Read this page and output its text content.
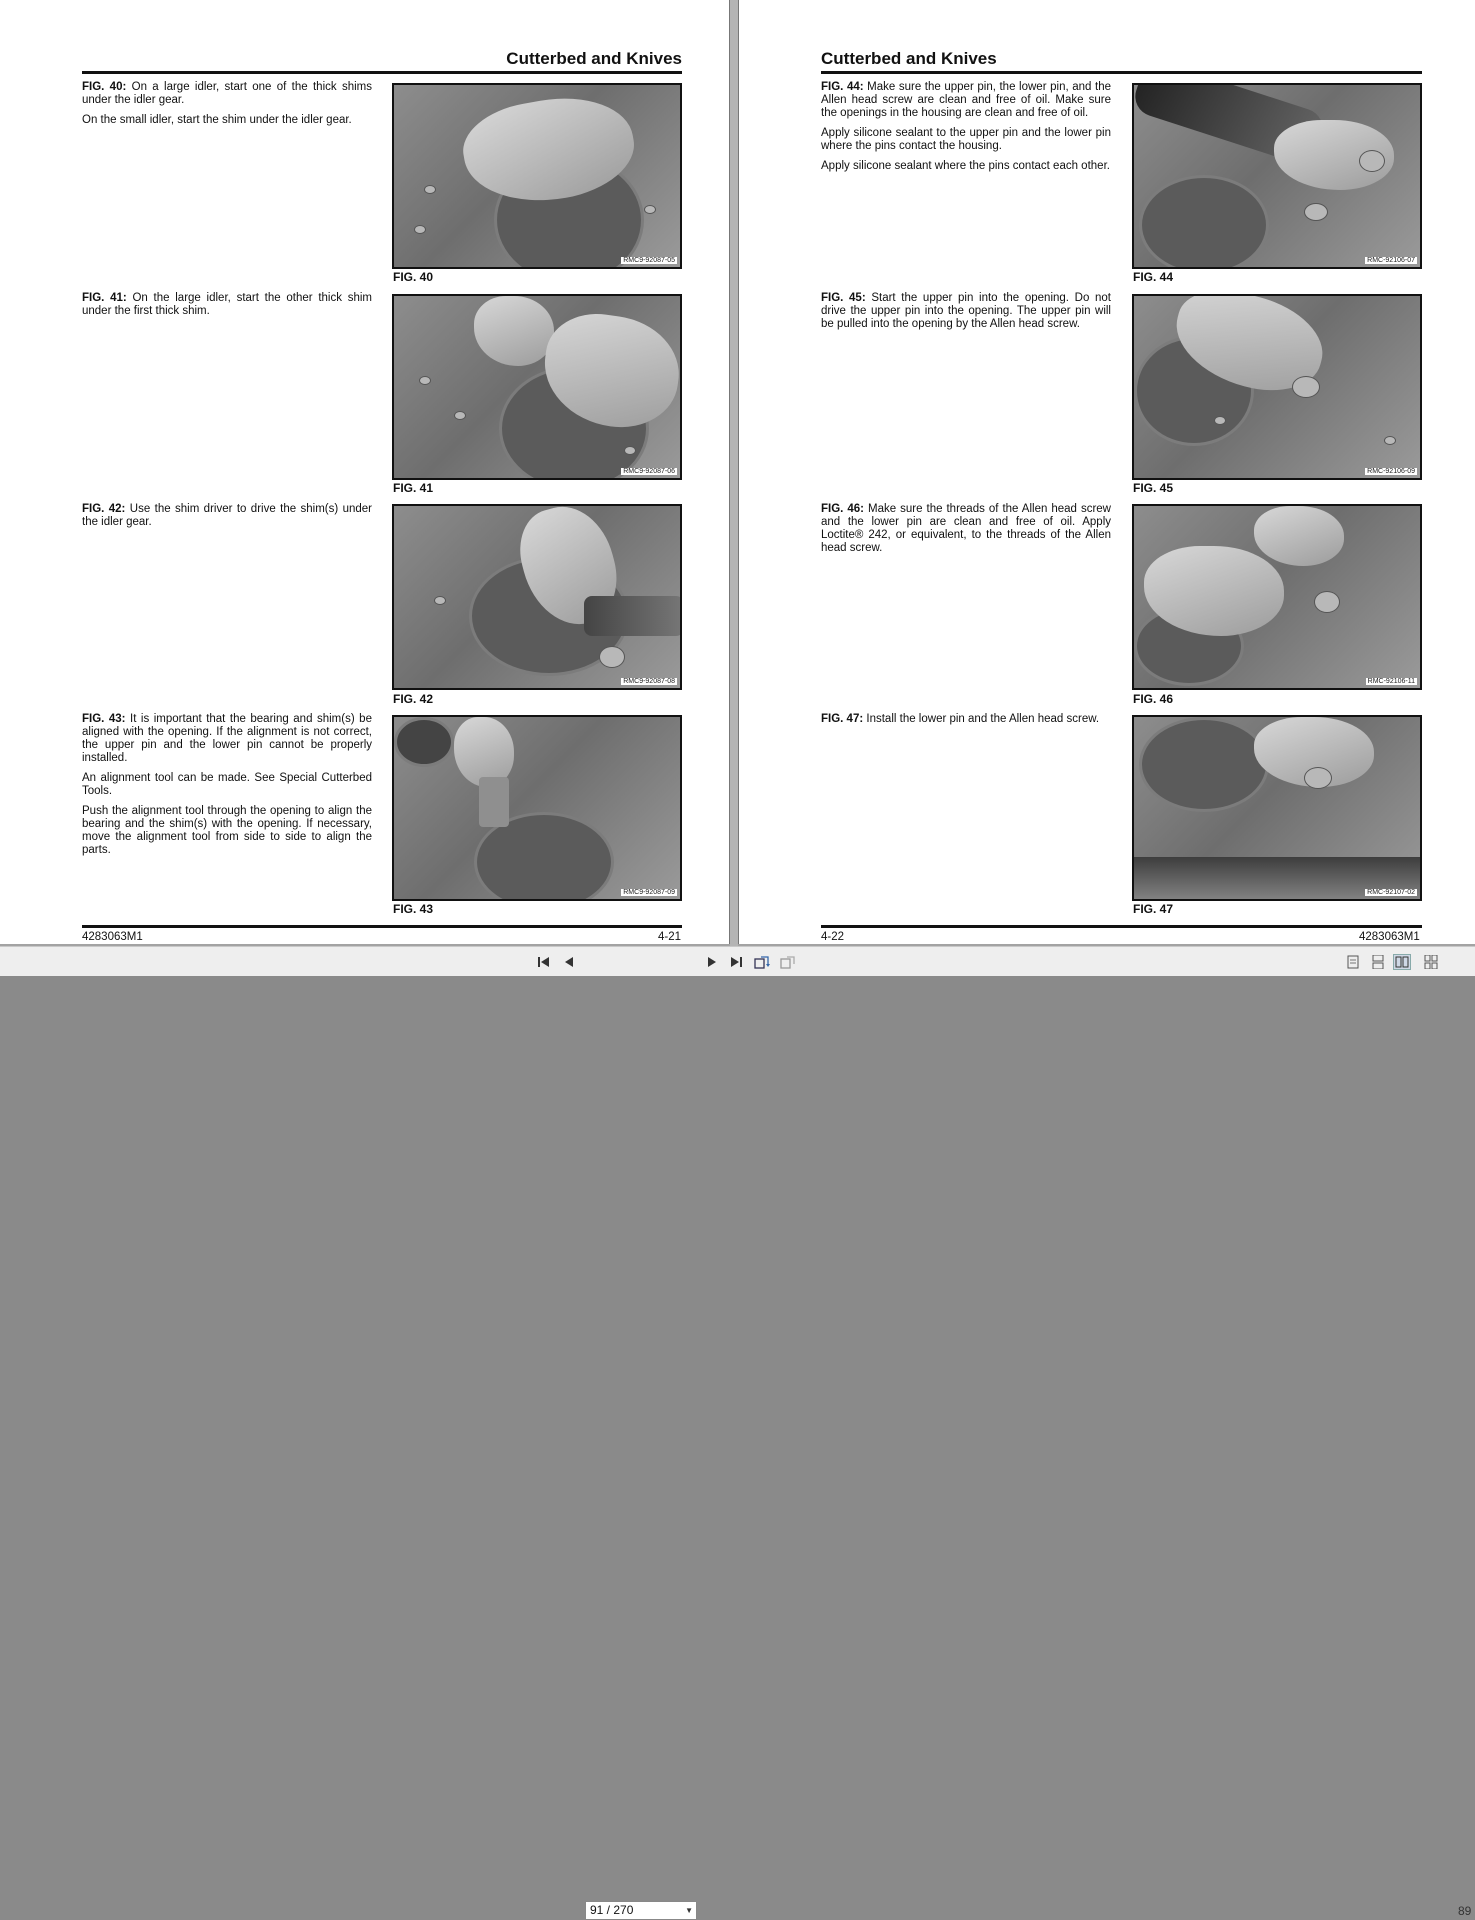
Cutterbed and Knives

FIG. 40: On a large idler, start one of the thick shims under the idler gear.

On the small idler, start the shim under the idler gear.

RMC9-92087-05
FIG. 40

FIG. 41: On the large idler, start the other thick shim under the first thick shim.

RMC9-92087-06
FIG. 41

FIG. 42: Use the shim driver to drive the shim(s) under the idler gear.

RMC9-92087-08
FIG. 42

FIG. 43: It is important that the bearing and shim(s) be aligned with the opening. If the alignment is not correct, the upper pin and the lower pin cannot be properly installed.

An alignment tool can be made. See Special Cutterbed Tools.

Push the alignment tool through the opening to align the bearing and the shim(s) with the opening. If necessary, move the alignment tool from side to side to align the parts.

RMC9-92087-09
FIG. 43
4283063M1	4-21
Cutterbed and Knives

FIG. 44: Make sure the upper pin, the lower pin, and the Allen head screw are clean and free of oil. Make sure the openings in the housing are clean and free of oil.

Apply silicone sealant to the upper pin and the lower pin where the pins contact the housing.

Apply silicone sealant where the pins contact each other.

RMC-92106-07
FIG. 44

FIG. 45: Start the upper pin into the opening. Do not drive the upper pin into the opening. The upper pin will be pulled into the opening by the Allen head screw.

RMC-92106-09
FIG. 45

FIG. 46: Make sure the threads of the Allen head screw and the lower pin are clean and free of oil. Apply Loctite® 242, or equivalent, to the threads of the Allen head screw.

RMC-92106-11
FIG. 46

FIG. 47: Install the lower pin and the Allen head screw.

RMC-92107-02
FIG. 47
4-22	4283063M1
91 / 270	▼	89
